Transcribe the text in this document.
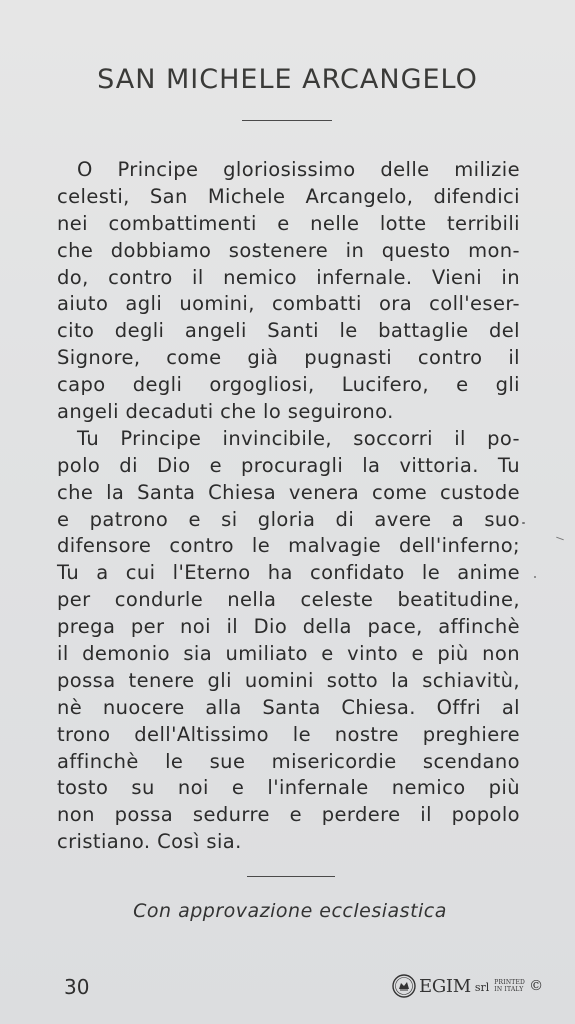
SAN MICHELE ARCANGELO
O Principe gloriosissimo delle milizie
celesti, San Michele Arcangelo, difendici
nei combattimenti e nelle lotte terribili
che dobbiamo sostenere in questo mon-
do, contro il nemico infernale. Vieni in
aiuto agli uomini, combatti ora coll'eser-
cito degli angeli Santi le battaglie del
Signore, come già pugnasti contro il
capo degli orgogliosi, Lucifero, e gli
angeli decaduti che lo seguirono.
Tu Principe invincibile, soccorri il po-
polo di Dio e procuragli la vittoria. Tu
che la Santa Chiesa venera come custode
e patrono e si gloria di avere a suo
difensore contro le malvagie dell'inferno;
Tu a cui l'Eterno ha confidato le anime
per condurle nella celeste beatitudine,
prega per noi il Dio della pace, affinchè
il demonio sia umiliato e vinto e più non
possa tenere gli uomini sotto la schiavitù,
nè nuocere alla Santa Chiesa. Offri al
trono dell'Altissimo le nostre preghiere
affinchè le sue misericordie scendano
tosto su noi e l'infernale nemico più
non possa sedurre e perdere il popolo
cristiano. Così sia.
Con approvazione ecclesiastica
30	EGIM srl PRINTED
IN ITALY ©
